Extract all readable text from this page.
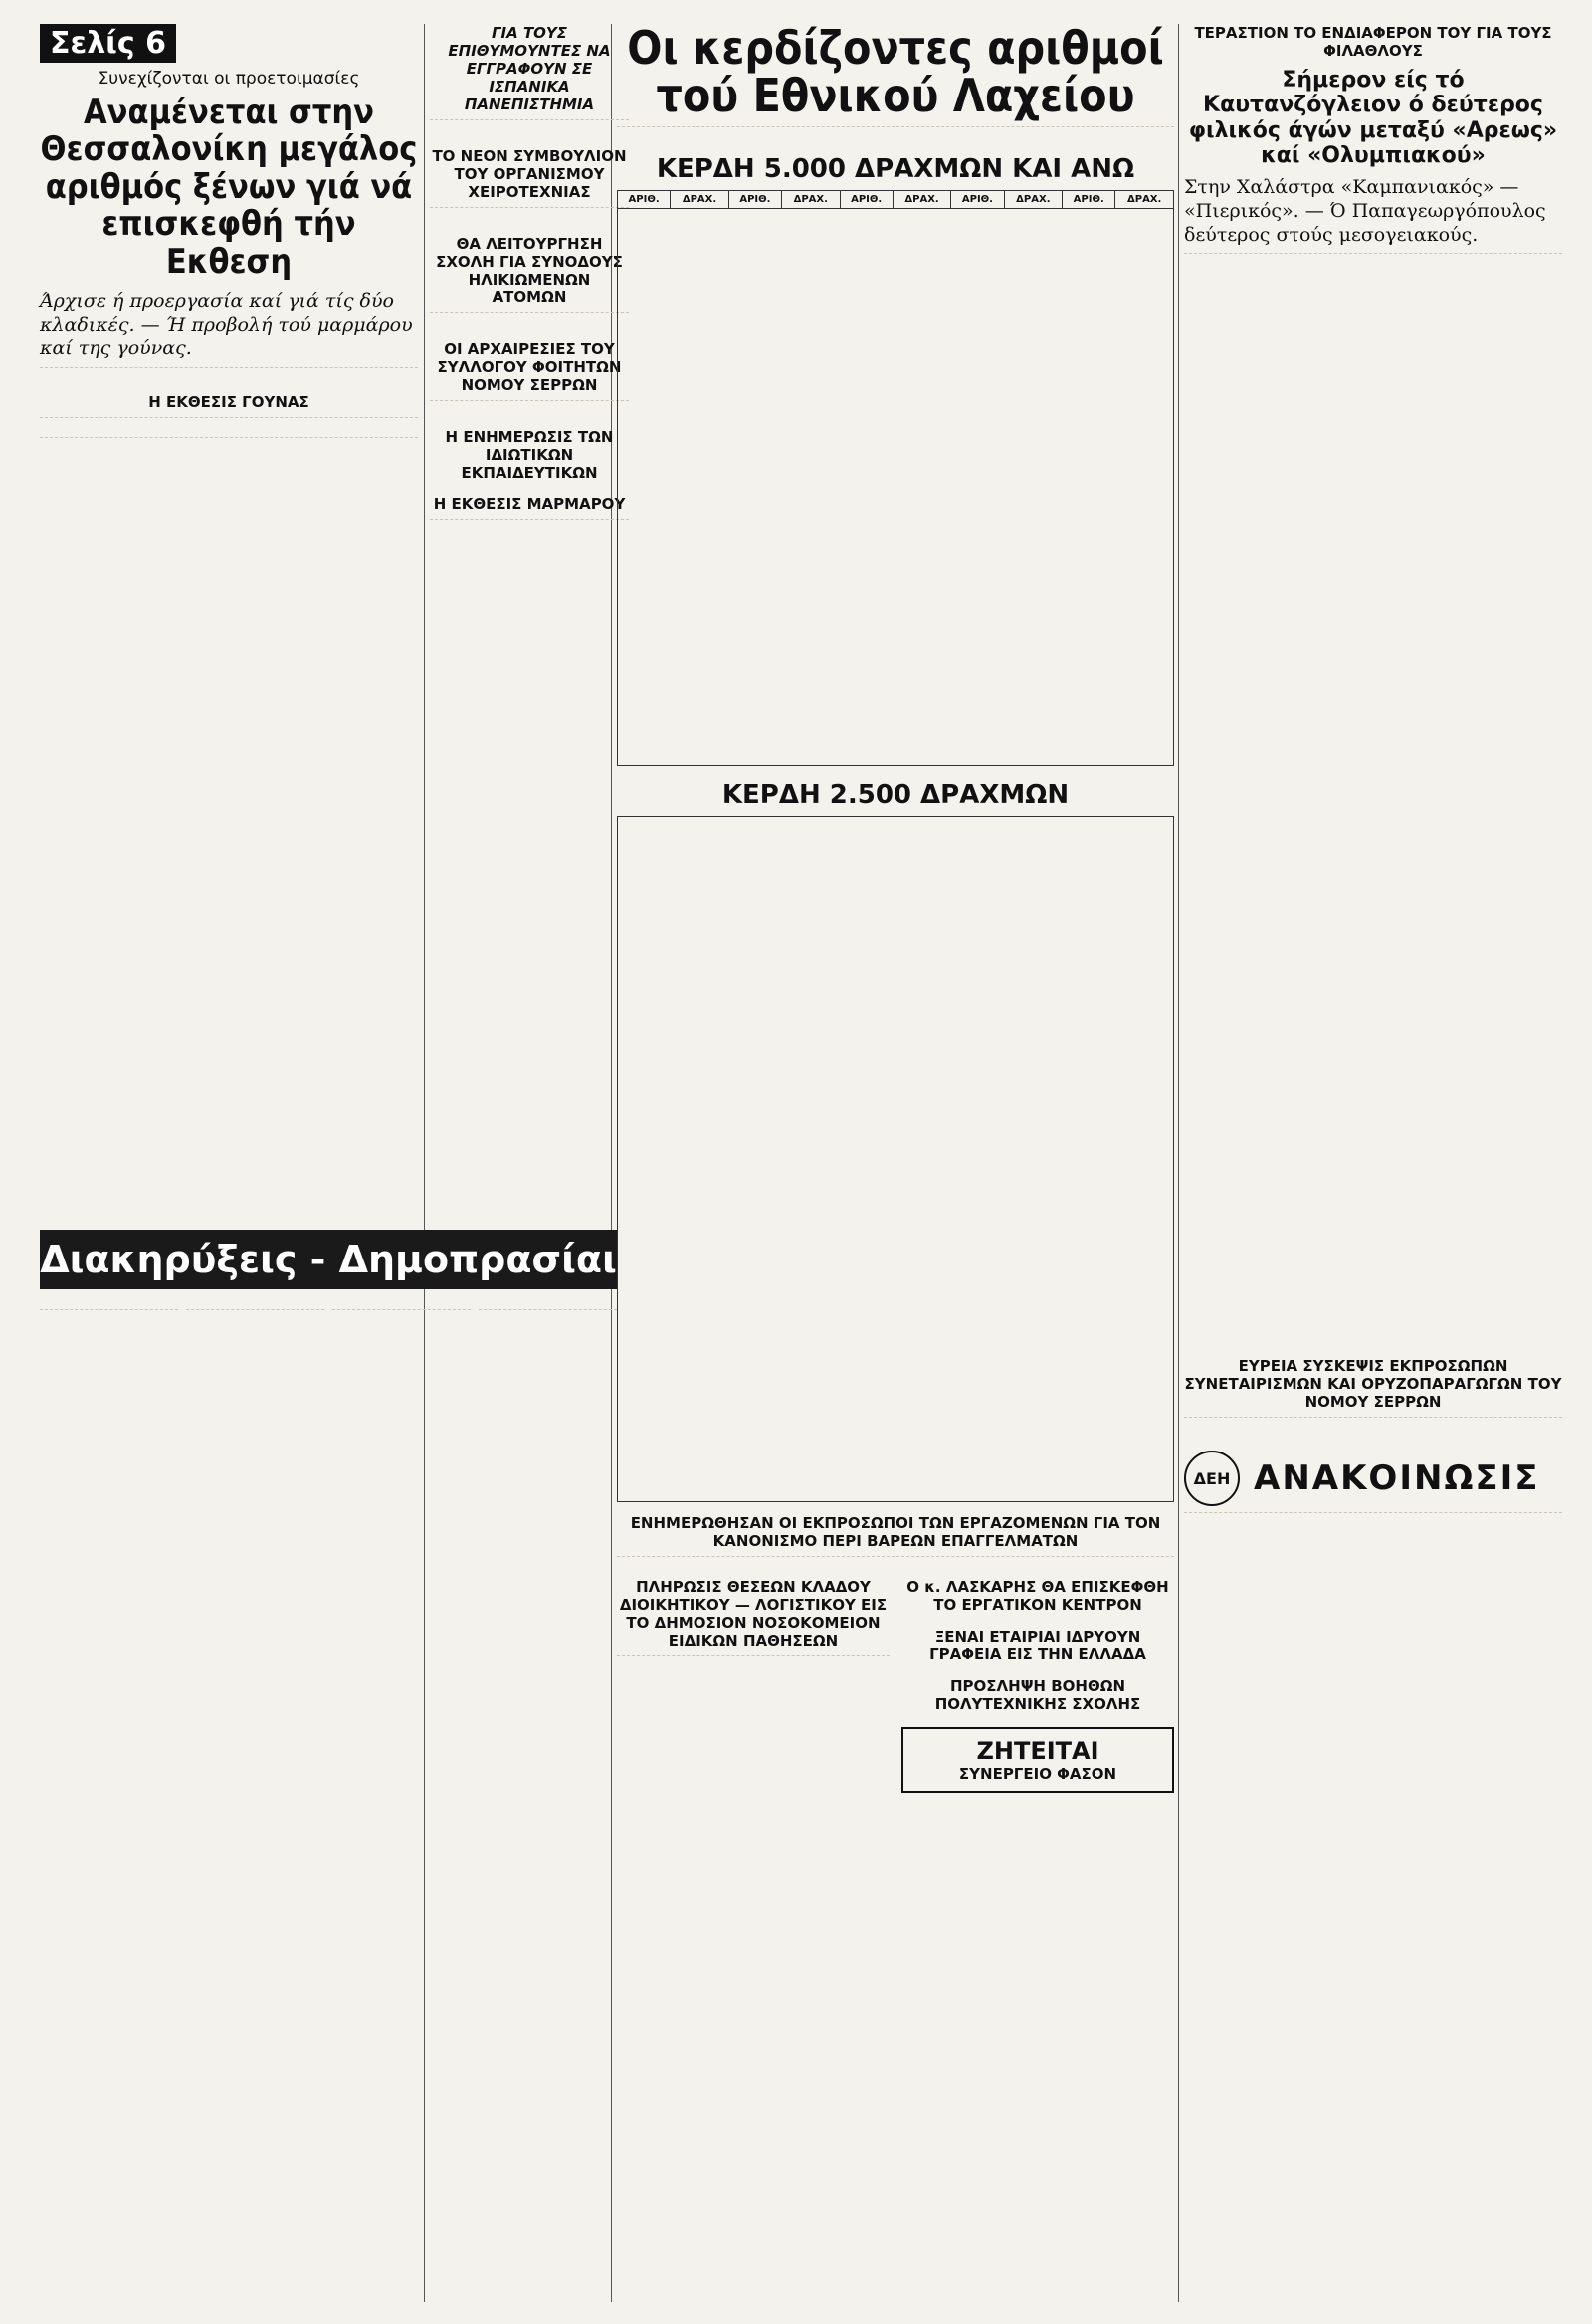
Σελίς 6
Συνεχίζονται οι προετοιμασίες
Αναμένεται στην Θεσσαλονίκη μεγάλος αριθμός ξένων γιά νά επισκεφθή τήν Εκθεση

Άρχισε ή προεργασία καί γιά τίς δύο κλαδικές. — Ή προβολή τού μαρμάρου καί της γούνας.

Η ΕΚΘΕΣΙΣ ΓΟΥΝΑΣ

ΓΙΑ ΤΟΥΣ ΕΠΙΘΥΜΟΥΝΤΕΣ ΝΑ ΕΓΓΡΑΦΟΥΝ ΣΕ ΙΣΠΑΝΙΚΑ ΠΑΝΕΠΙΣΤΗΜΙΑ

ΤΟ ΝΕΟΝ ΣΥΜΒΟΥΛΙΟΝ ΤΟΥ ΟΡΓΑΝΙΣΜΟΥ ΧΕΙΡΟΤΕΧΝΙΑΣ

ΘΑ ΛΕΙΤΟΥΡΓΗΣΗ ΣΧΟΛΗ ΓΙΑ ΣΥΝΟΔΟΥΣ ΗΛΙΚΙΩΜΕΝΩΝ ΑΤΟΜΩΝ

ΟΙ ΑΡΧΑΙΡΕΣΙΕΣ ΤΟΥ ΣΥΛΛΟΓΟΥ ΦΟΙΤΗΤΩΝ ΝΟΜΟΥ ΣΕΡΡΩΝ

Η ΕΝΗΜΕΡΩΣΙΣ ΤΩΝ ΙΔΙΩΤΙΚΩΝ ΕΚΠΑΙΔΕΥΤΙΚΩΝ
Η ΕΚΘΕΣΙΣ ΜΑΡΜΑΡΟΥ

Οι κερδίζοντες αριθμοί τού Εθνικού Λαχείου

ΚΕΡΔΗ 5.000 ΔΡΑΧΜΩΝ ΚΑΙ ΑΝΩ
ΑΡΙΘ.	ΔΡΑΧ.	ΑΡΙΘ.	ΔΡΑΧ.	ΑΡΙΘ.	ΔΡΑΧ.	ΑΡΙΘ.	ΔΡΑΧ.	ΑΡΙΘ.	ΔΡΑΧ.

ΚΕΡΔΗ 2.500 ΔΡΑΧΜΩΝ
ΕΝΗΜΕΡΩΘΗΣΑΝ ΟΙ ΕΚΠΡΟΣΩΠΟΙ ΤΩΝ ΕΡΓΑΖΟΜΕΝΩΝ ΓΙΑ ΤΟΝ ΚΑΝΟΝΙΣΜΟ ΠΕΡΙ ΒΑΡΕΩΝ ΕΠΑΓΓΕΛΜΑΤΩΝ

ΠΛΗΡΩΣΙΣ ΘΕΣΕΩΝ ΚΛΑΔΟΥ ΔΙΟΙΚΗΤΙΚΟΥ — ΛΟΓΙΣΤΙΚΟΥ ΕΙΣ ΤΟ ΔΗΜΟΣΙΟΝ ΝΟΣΟΚΟΜΕΙΟΝ ΕΙΔΙΚΩΝ ΠΑΘΗΣΕΩΝ

Ο κ. ΛΑΣΚΑΡΗΣ ΘΑ ΕΠΙΣΚΕΦΘΗ ΤΟ ΕΡΓΑΤΙΚΟΝ ΚΕΝΤΡΟΝ
ΞΕΝΑΙ ΕΤΑΙΡΙΑΙ ΙΔΡΥΟΥΝ ΓΡΑΦΕΙΑ ΕΙΣ ΤΗΝ ΕΛΛΑΔΑ
ΠΡΟΣΛΗΨΗ ΒΟΗΘΩΝ ΠΟΛΥΤΕΧΝΙΚΗΣ ΣΧΟΛΗΣ
ΖΗΤΕΙΤΑΙ
ΣΥΝΕΡΓΕΙΟ ΦΑΣΟΝ
ΤΕΡΑΣΤΙΟΝ ΤΟ ΕΝΔΙΑΦΕΡΟΝ ΤΟΥ ΓΙΑ ΤΟΥΣ ΦΙΛΑΘΛΟΥΣ
Σήμερον είς τό Καυτανζόγλειον ό δεύτερος φιλικός άγών μεταξύ «Αρεως» καί «Ολυμπιακού»

Στην Χαλάστρα «Καμπανιακός» — «Πιερικός». — Ό Παπαγεωργόπουλος δεύτερος στούς μεσογειακούς.

ΕΥΡΕΙΑ ΣΥΣΚΕΨΙΣ ΕΚΠΡΟΣΩΠΩΝ ΣΥΝΕΤΑΙΡΙΣΜΩΝ ΚΑΙ ΟΡΥΖΟΠΑΡΑΓΩΓΩΝ ΤΟΥ ΝΟΜΟΥ ΣΕΡΡΩΝ

ΔΕΗ ΑΝΑΚΟΙΝΩΣΙΣ

Διακηρύξεις - Δημοπρασίαι
